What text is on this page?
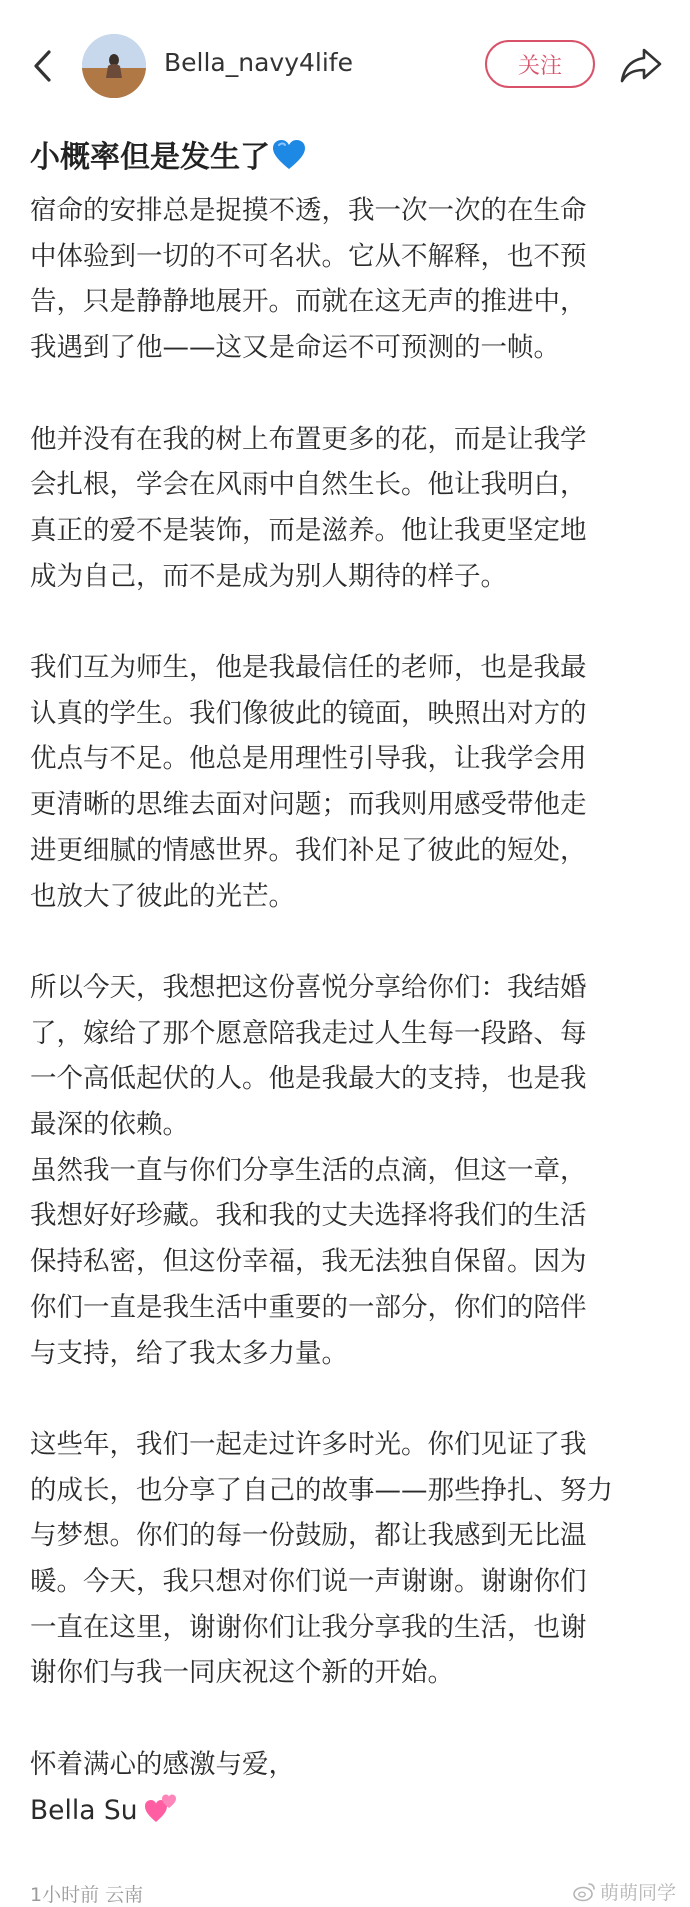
Bella_navy4life	关注
小概率但是发生了

宿命的安排总是捉摸不透，我一次一次的在生命
中体验到一切的不可名状。它从不解释，也不预
告，只是静静地展开。而就在这无声的推进中，
我遇到了他——这又是命运不可预测的一帧。

他并没有在我的树上布置更多的花，而是让我学
会扎根，学会在风雨中自然生长。他让我明白，
真正的爱不是装饰，而是滋养。他让我更坚定地
成为自己，而不是成为别人期待的样子。

我们互为师生，他是我最信任的老师，也是我最
认真的学生。我们像彼此的镜面，映照出对方的
优点与不足。他总是用理性引导我，让我学会用
更清晰的思维去面对问题；而我则用感受带他走
进更细腻的情感世界。我们补足了彼此的短处，
也放大了彼此的光芒。

所以今天，我想把这份喜悦分享给你们：我结婚
了，嫁给了那个愿意陪我走过人生每一段路、每
一个高低起伏的人。他是我最大的支持，也是我
最深的依赖。
虽然我一直与你们分享生活的点滴，但这一章，
我想好好珍藏。我和我的丈夫选择将我们的生活
保持私密，但这份幸福，我无法独自保留。因为
你们一直是我生活中重要的一部分，你们的陪伴
与支持，给了我太多力量。

这些年，我们一起走过许多时光。你们见证了我
的成长，也分享了自己的故事——那些挣扎、努力
与梦想。你们的每一份鼓励，都让我感到无比温
暖。今天，我只想对你们说一声谢谢。谢谢你们
一直在这里，谢谢你们让我分享我的生活，也谢
谢你们与我一同庆祝这个新的开始。

怀着满心的感激与爱，
Bella Su

1小时前 云南	萌萌同学
